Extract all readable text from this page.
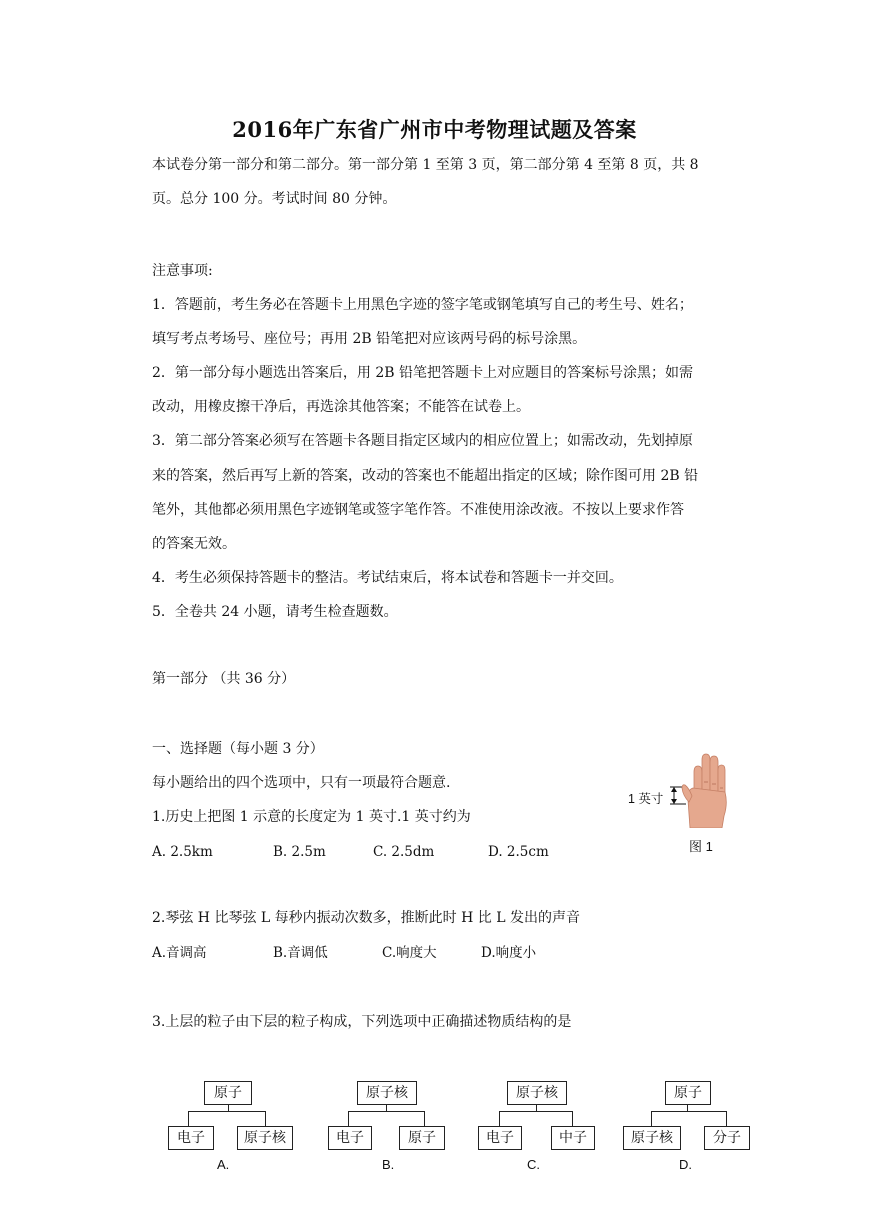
2016年广东省广州市中考物理试题及答案
本试卷分第一部分和第二部分。第一部分第 1 至第 3 页，第二部分第 4 至第 8 页，共 8
页。总分 100 分。考试时间 80 分钟。
注意事项:
1．答题前，考生务必在答题卡上用黑色字迹的签字笔或钢笔填写自己的考生号、姓名；
填写考点考场号、座位号；再用 2B 铅笔把对应该两号码的标号涂黑。
2．第一部分每小题选出答案后，用 2B 铅笔把答题卡上对应题目的答案标号涂黑；如需
改动，用橡皮擦干净后，再选涂其他答案；不能答在试卷上。
3．第二部分答案必须写在答题卡各题目指定区域内的相应位置上；如需改动，先划掉原
来的答案，然后再写上新的答案，改动的答案也不能超出指定的区域；除作图可用 2B 铅
笔外，其他都必须用黑色字迹钢笔或签字笔作答。不准使用涂改液。不按以上要求作答
的答案无效。
4．考生必须保持答题卡的整洁。考试结束后，将本试卷和答题卡一并交回。
5．全卷共 24 小题，请考生检查题数。
第一部分 （共 36 分）
一、选择题（每小题 3 分）
每小题给出的四个选项中，只有一项最符合题意.
1.历史上把图 1 示意的长度定为 1 英寸.1 英寸约为
A. 2.5km	B. 2.5m	C. 2.5dm	D. 2.5cm
1 英寸
图 1
2.琴弦 H 比琴弦 L 每秒内振动次数多，推断此时 H 比 L 发出的声音
A.音调高	B.音调低	C.响度大	D.响度小
3.上层的粒子由下层的粒子构成，下列选项中正确描述物质结构的是
原子
电子	原子核
A.
原子核
电子	原子
B.
原子核
电子	中子
C.
原子
原子核	分子
D.
